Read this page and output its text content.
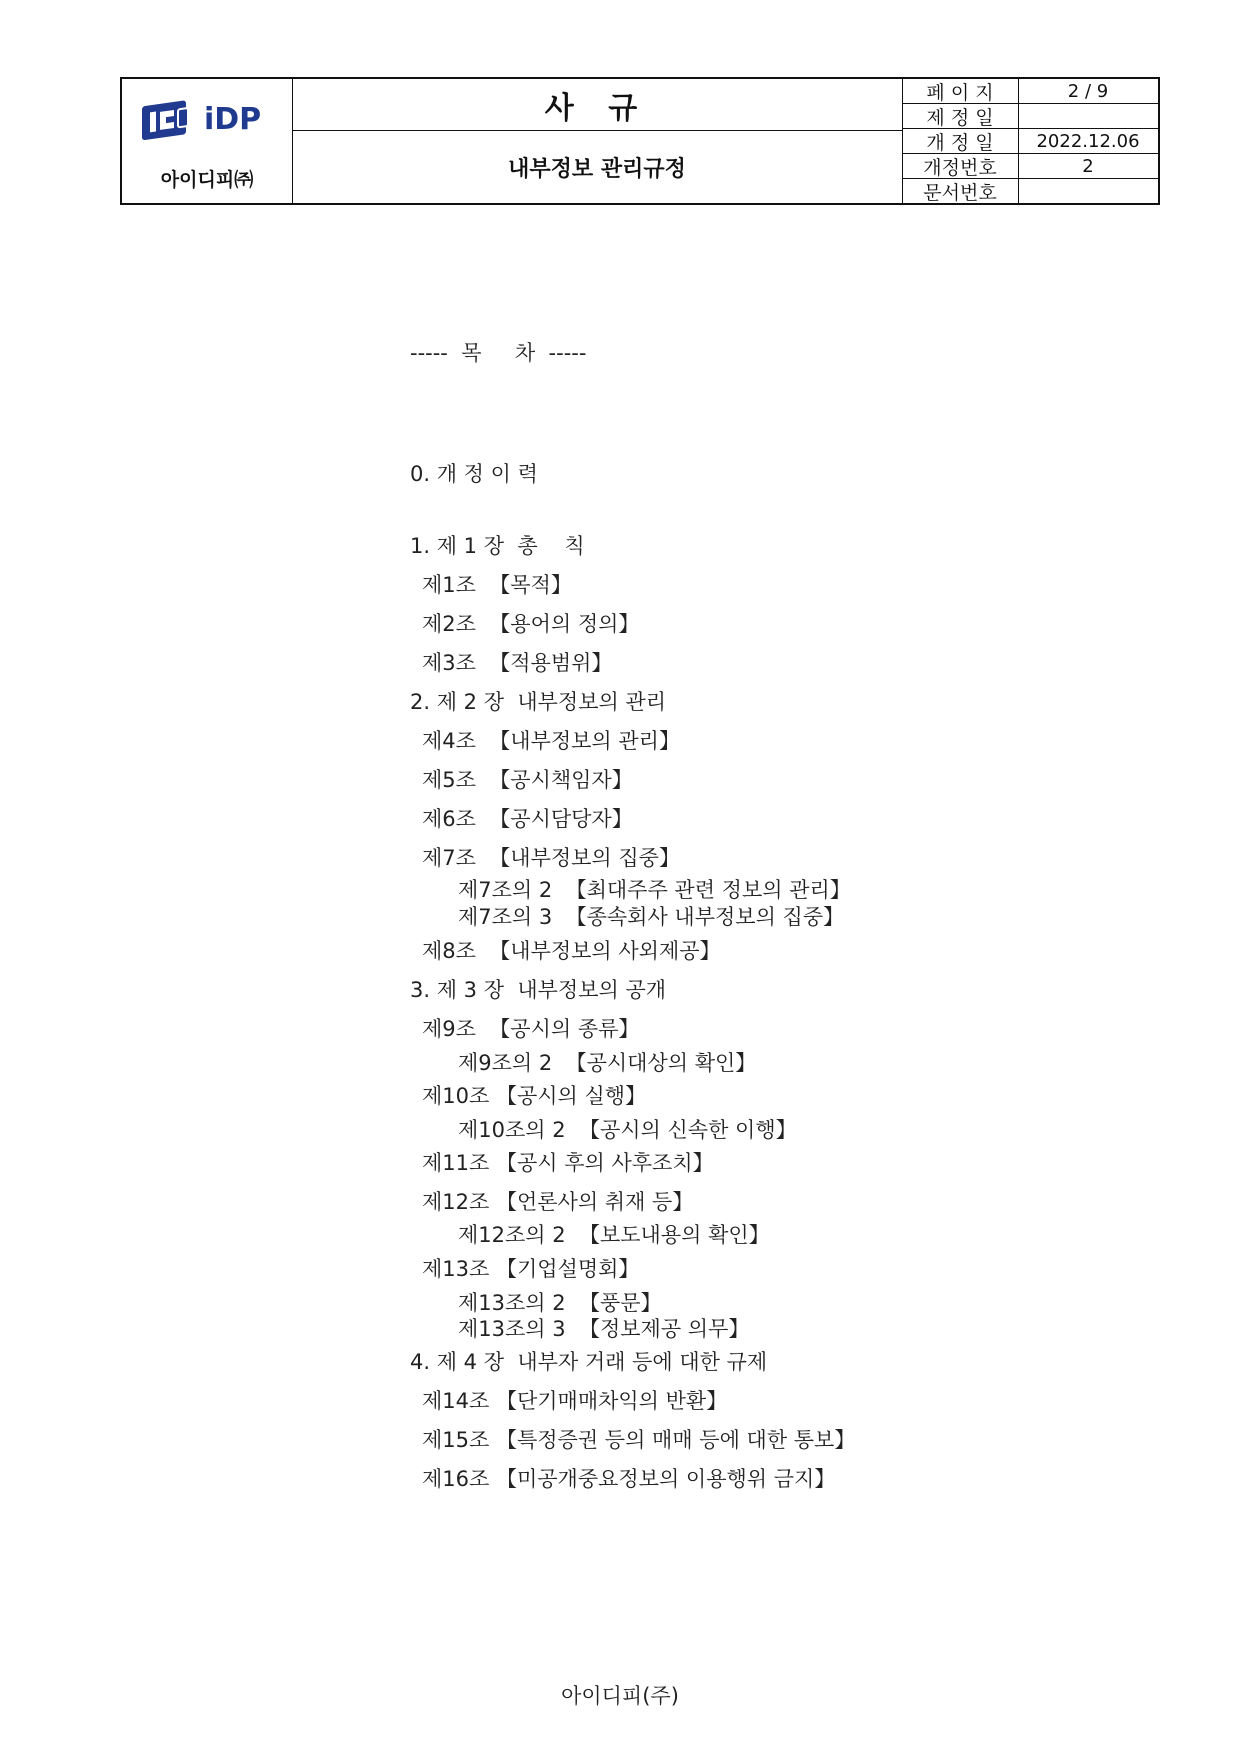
iDP
아이디피㈜
사 규
내부정보 관리규정
페 이 지	2 / 9
제 정 일
개 정 일	2022.12.06
개정번호	2
문서번호
-----  목     차  -----
0. 개 정 이 력
1. 제 1 장  총    칙
제1조  【목적】
제2조  【용어의 정의】
제3조  【적용범위】
2. 제 2 장  내부정보의 관리
제4조  【내부정보의 관리】
제5조  【공시책임자】
제6조  【공시담당자】
제7조  【내부정보의 집중】
제7조의 2  【최대주주 관련 정보의 관리】
제7조의 3  【종속회사 내부정보의 집중】
제8조  【내부정보의 사외제공】
3. 제 3 장  내부정보의 공개
제9조  【공시의 종류】
제9조의 2  【공시대상의 확인】
제10조 【공시의 실행】
제10조의 2  【공시의 신속한 이행】
제11조 【공시 후의 사후조치】
제12조 【언론사의 취재 등】
제12조의 2  【보도내용의 확인】
제13조 【기업설명회】
제13조의 2  【풍문】
제13조의 3  【정보제공 의무】
4. 제 4 장  내부자 거래 등에 대한 규제
제14조 【단기매매차익의 반환】
제15조 【특정증권 등의 매매 등에 대한 통보】
제16조 【미공개중요정보의 이용행위 금지】
아이디피(주)
